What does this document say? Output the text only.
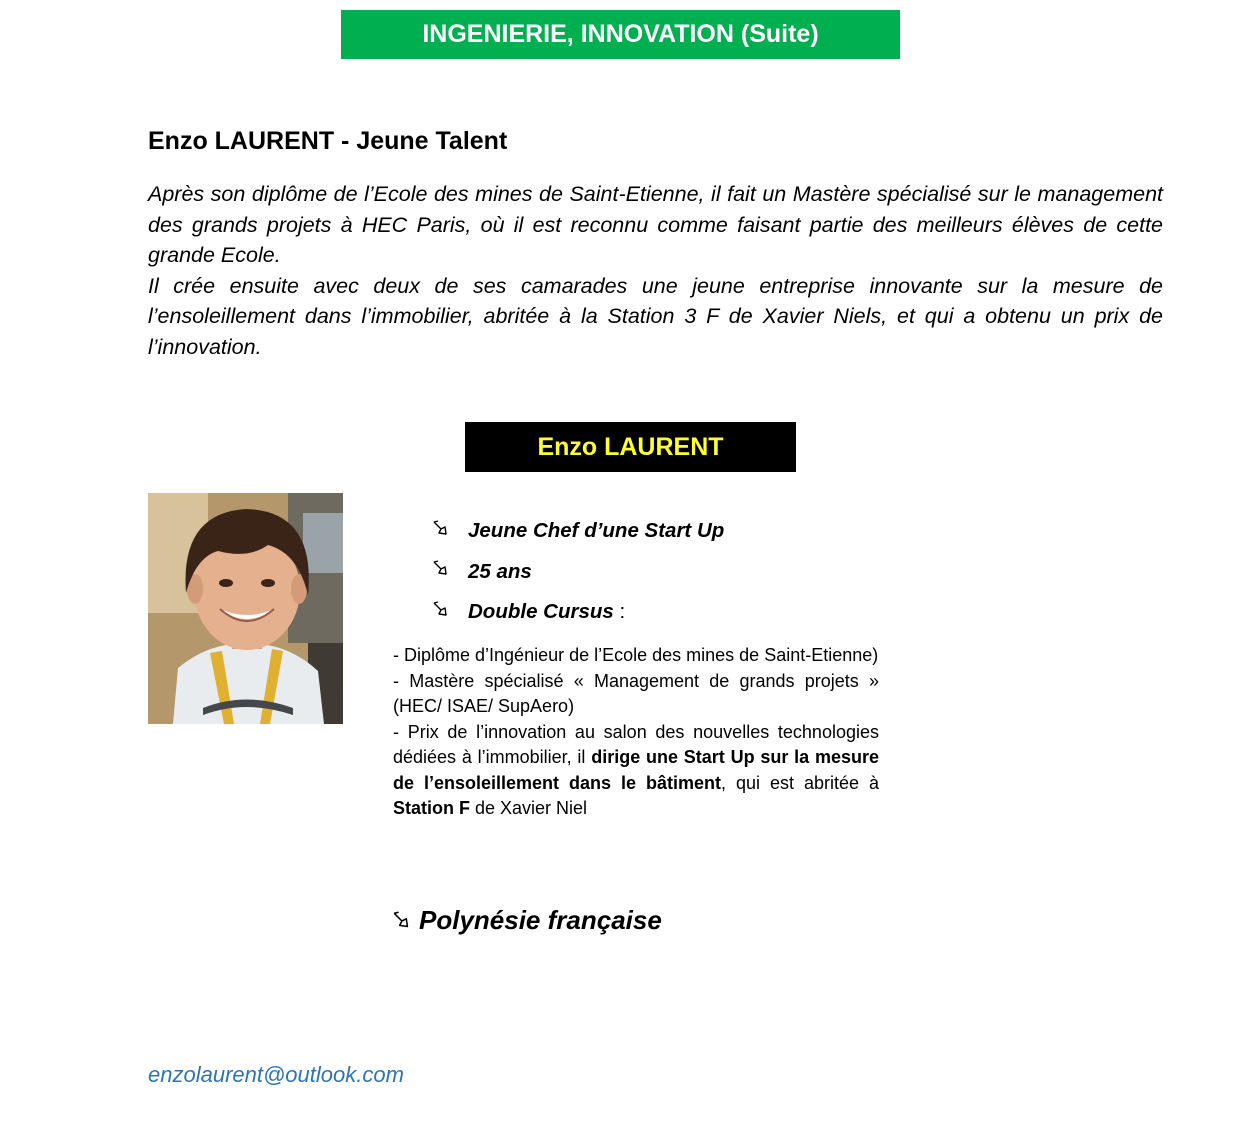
INGENIERIE, INNOVATION (Suite)
Enzo LAURENT - Jeune Talent

Après son diplôme de l’Ecole des mines de Saint-Etienne, il fait un Mastère spécialisé sur le management des grands projets à HEC Paris, où il est reconnu comme faisant partie des meilleurs élèves de cette grande Ecole.

Il crée ensuite avec deux de ses camarades une jeune entreprise innovante sur la mesure de l’ensoleillement dans l’immobilier, abritée à la Station 3 F de Xavier Niels, et qui a obtenu un prix de l’innovation.

Enzo LAURENT
Jeune Chef d’une Start Up
25 ans
Double Cursus :

- Diplôme d’Ingénieur de l’Ecole des mines de Saint-Etienne)

- Mastère spécialisé « Management de grands projets » (HEC/ ISAE/ SupAero)

- Prix de l’innovation au salon des nouvelles technologies dédiées à l’immobilier, il dirige une Start Up sur la mesure de l’ensoleillement dans le bâtiment, qui est abritée à Station F de Xavier Niel

Polynésie française
enzolaurent@outlook.com
